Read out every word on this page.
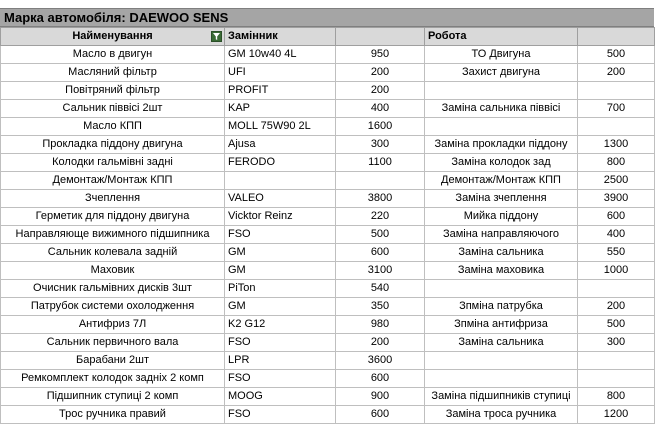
Марка автомобіля: DAEWOO SENS
Найменування	Замінник		Робота	
Масло в двигун	GM 10w40 4L	950	ТО Двигуна	500
Масляний фільтр	UFI	200	Захист двигуна	200
Повітряний фільтр	PROFIT	200		
Сальник піввісі 2шт	KAP	400	Заміна сальника піввісі	700
Масло КПП	MOLL 75W90 2L	1600		
Прокладка піддону двигуна	Ajusa	300	Заміна прокладки піддону	1300
Колодки гальмівні задні	FERODO	1100	Заміна колодок зад	800
Демонтаж/Монтаж КПП			Демонтаж/Монтаж КПП	2500
Зчеплення	VALEO	3800	Заміна зчеплення	3900
Герметик для піддону двигуна	Vicktor Reinz	220	Мийка піддону	600
Направляюще вижимного підшипника	FSO	500	Заміна направляючого	400
Сальник колевала задній	GM	600	Заміна сальника	550
Маховик	GM	3100	Заміна маховика	1000
Очисник гальмівних дисків 3шт	PiTon	540		
Патрубок системи охолодження	GM	350	Зпміна патрубка	200
Антифриз 7Л	K2 G12	980	Зпміна антифриза	500
Сальник первичного вала	FSO	200	Заміна сальника	300
Барабани 2шт	LPR	3600		
Ремкомплект колодок задніх 2 комп	FSO	600		
Підшипник ступиці 2 комп	MOOG	900	Заміна підшипників ступиці	800
Трос ручника правий	FSO	600	Заміна троса ручника	1200
